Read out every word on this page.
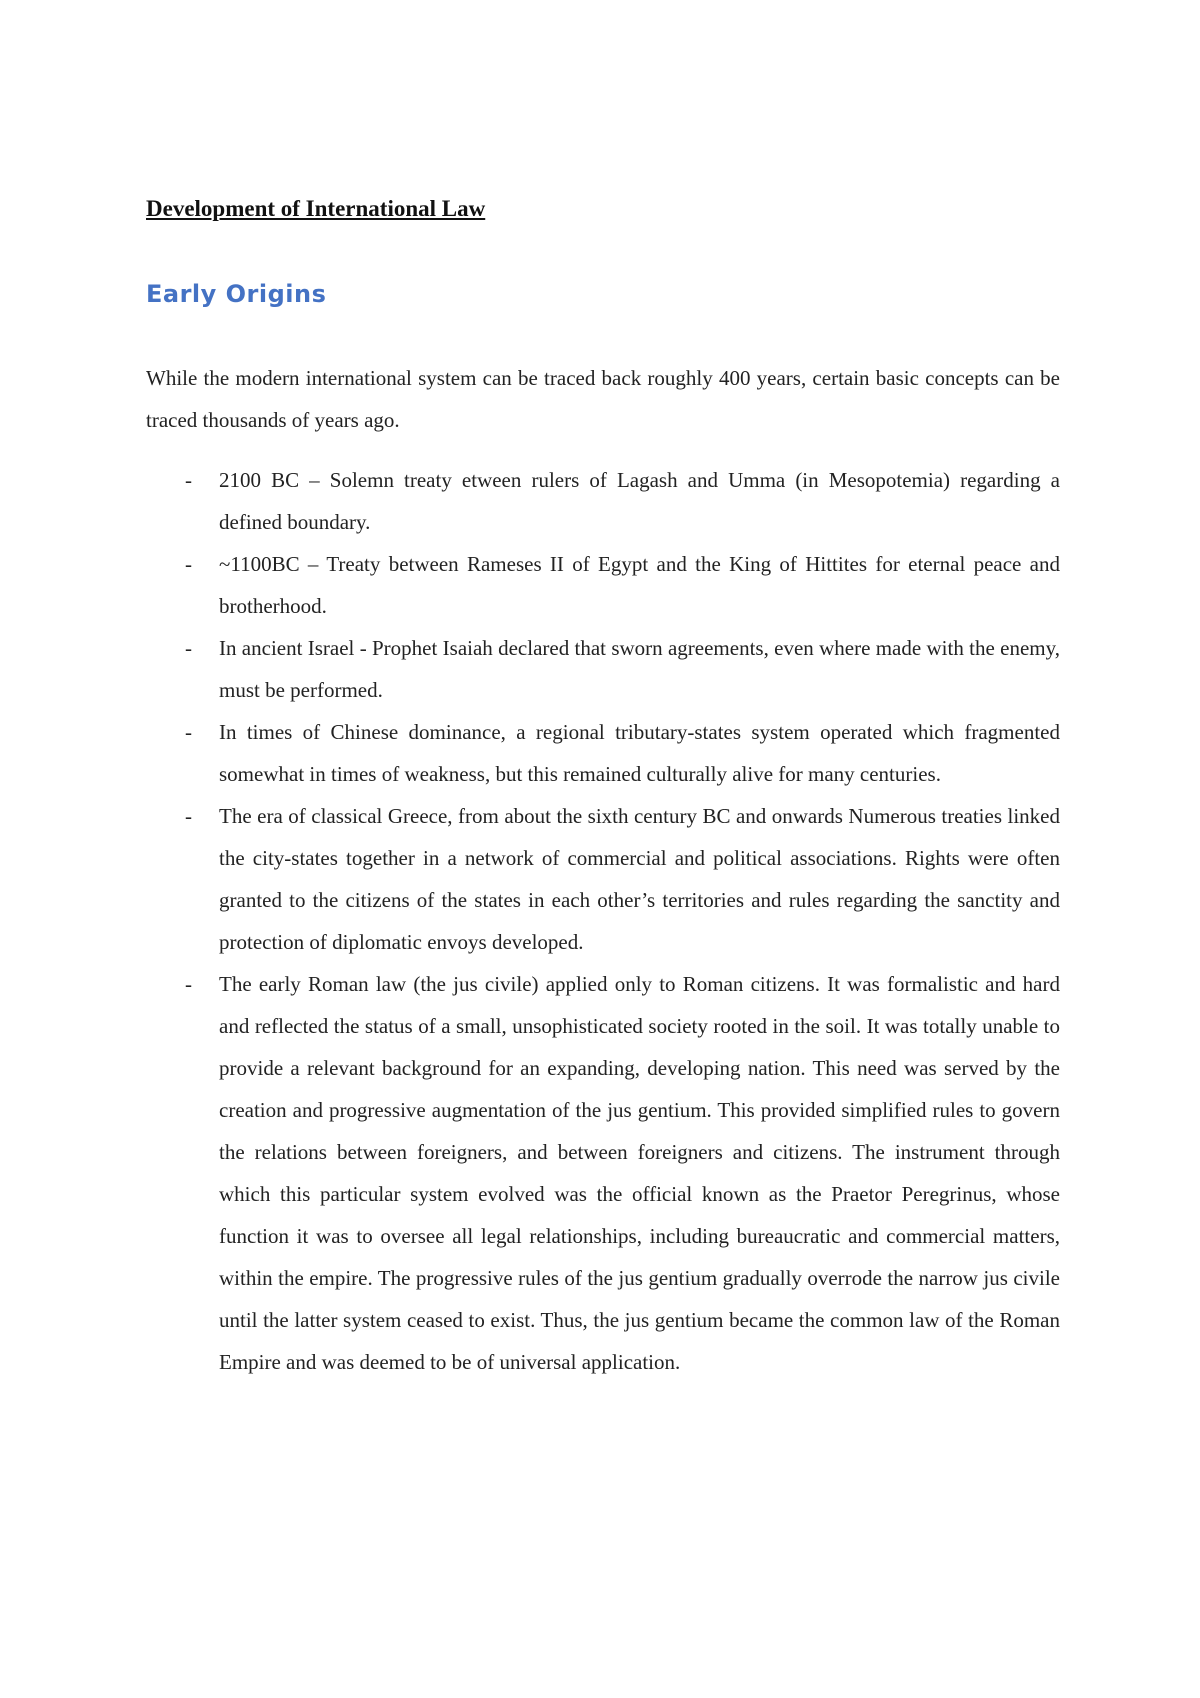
Development of International Law
Early Origins

While the modern international system can be traced back roughly 400 years, certain basic concepts can be traced thousands of years ago.

- 2100 BC – Solemn treaty etween rulers of Lagash and Umma (in Mesopotemia) regarding a defined boundary.
- ~1100BC – Treaty between Rameses II of Egypt and the King of Hittites for eternal peace and brotherhood.
- In ancient Israel - Prophet Isaiah declared that sworn agreements, even where made with the enemy, must be performed.
- In times of Chinese dominance, a regional tributary-states system operated which fragmented somewhat in times of weakness, but this remained culturally alive for many centuries.
- The era of classical Greece, from about the sixth century BC and onwards Numerous treaties linked the city-states together in a network of commercial and political associations. Rights were often granted to the citizens of the states in each other’s territories and rules regarding the sanctity and protection of diplomatic envoys developed.
- The early Roman law (the jus civile) applied only to Roman citizens. It was formalistic and hard and reflected the status of a small, unsophisticated society rooted in the soil. It was totally unable to provide a relevant background for an expanding, developing nation. This need was served by the creation and progressive augmentation of the jus gentium. This provided simplified rules to govern the relations between foreigners, and between foreigners and citizens. The instrument through which this particular system evolved was the official known as the Praetor Peregrinus, whose function it was to oversee all legal relationships, including bureaucratic and commercial matters, within the empire. The progressive rules of the jus gentium gradually overrode the narrow jus civile until the latter system ceased to exist. Thus, the jus gentium became the common law of the Roman Empire and was deemed to be of universal application.
